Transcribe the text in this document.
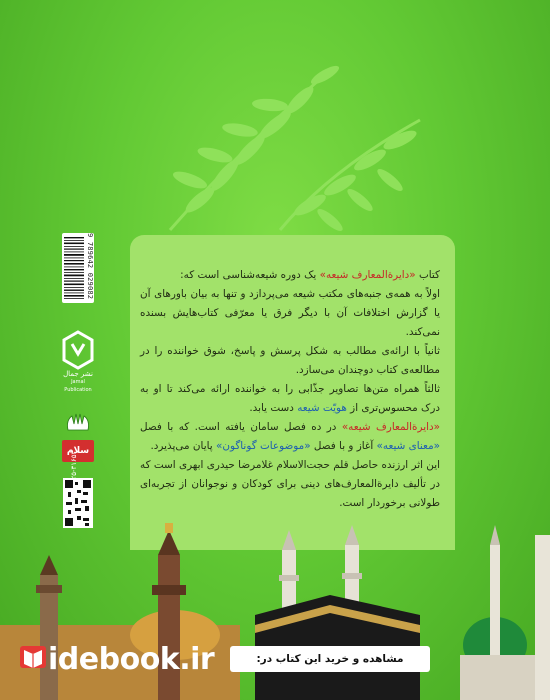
کتاب «دایرةالمعارف شیعه» یک دوره شیعه‌شناسی است که:

اولاً به همه‌ی جنبه‌های مکتب شیعه می‌پردازد و تنها به بیان باورهای آن یا گزارش اختلافات آن با دیگر فرق یا معرّفی کتاب‌هایش بسنده نمی‌کند.

ثانیاً با ارائه‌ی مطالب به شکل پرسش و پاسخ، شوق خواننده را در مطالعه‌ی کتاب دوچندان می‌سازد.

ثالثاً همراه متن‌ها تصاویر جذّابی را به خواننده ارائه می‌کند تا او به درک محسوس‌تری از هویّت شیعه دست یابد.

«دایرةالمعارف شیعه» در ده فصل سامان یافته است. که با فصل «معنای شیعه» آغاز و با فصل «موضوعات گوناگون» پایان می‌پذیرد.

این اثر ارزنده حاصل قلم حجت‌الاسلام غلامرضا حیدری ابهری است که در تألیف دایرةالمعارف‌های دینی برای کودکان و نوجوانان از تجربه‌ای طولانی برخوردار است.

9 789642 029082
نشر جمال
Jamal Publication
سلام
۰۲۵-۳۱۶۵۳
idebook.ir	مشاهده و خرید این کتاب در:
